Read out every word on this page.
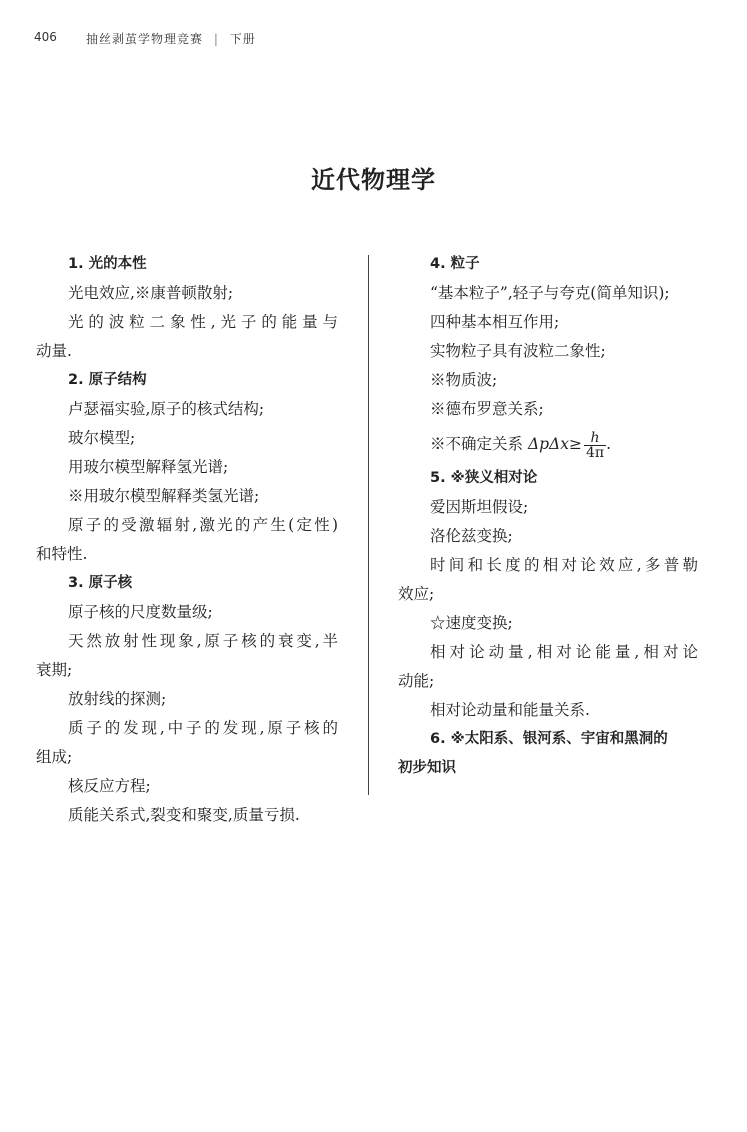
406 抽丝剥茧学物理竞赛 | 下册
近代物理学
1. 光的本性
光电效应,※康普顿散射;
光的波粒二象性,光子的能量与
动量.
2. 原子结构
卢瑟福实验,原子的核式结构;
玻尔模型;
用玻尔模型解释氢光谱;
※用玻尔模型解释类氢光谱;
原子的受激辐射,激光的产生(定性)
和特性.
3. 原子核
原子核的尺度数量级;
天然放射性现象,原子核的衰变,半
衰期;
放射线的探测;
质子的发现,中子的发现,原子核的
组成;
核反应方程;
质能关系式,裂变和聚变,质量亏损.
4. 粒子
“基本粒子”,轻子与夸克(简单知识);
四种基本相互作用;
实物粒子具有波粒二象性;
※物质波;
※德布罗意关系;
※不确定关系 $\Delta p\Delta x\ge \frac{h}{4\pi}$ .
5. ※狭义相对论
爱因斯坦假设;
洛伦兹变换;
时间和长度的相对论效应,多普勒
效应;
☆速度变换;
相对论动量,相对论能量,相对论
动能;
相对论动量和能量关系.
6. ※太阳系、银河系、宇宙和黑洞的
初步知识
